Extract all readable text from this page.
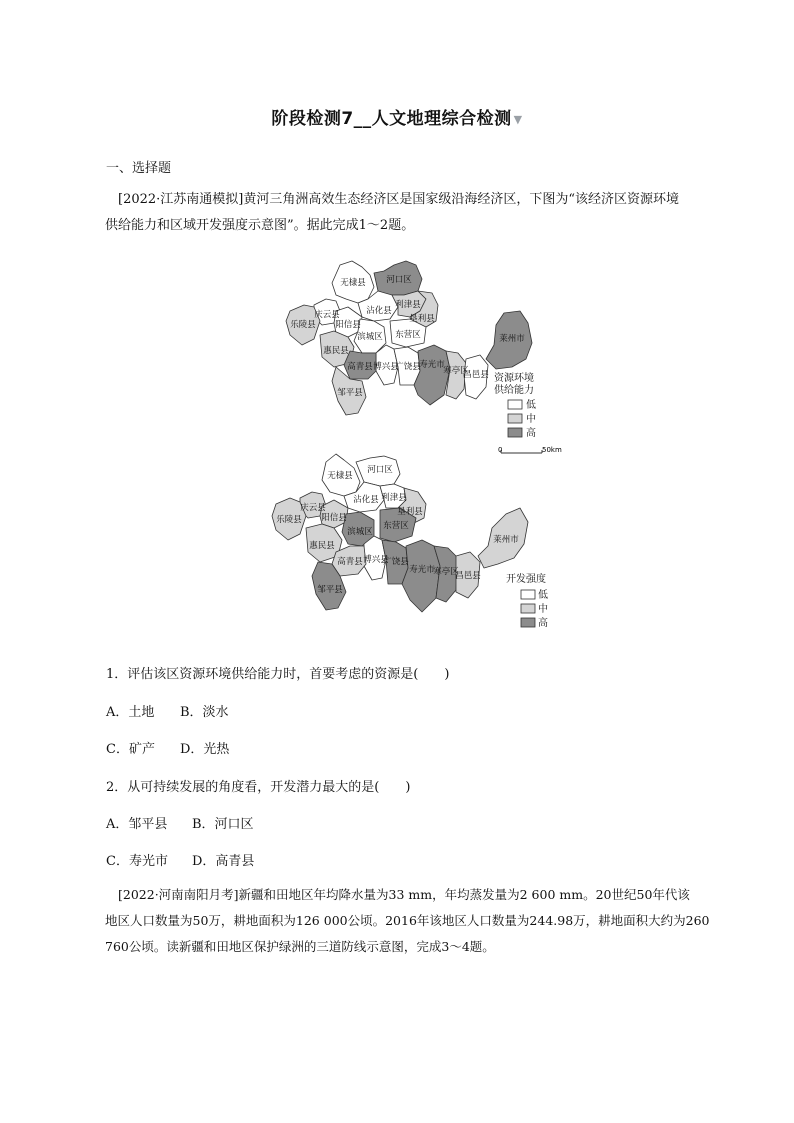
阶段检测7__人文地理综合检测 ▼
一、选择题
[2022·江苏南通模拟]黄河三角洲高效生态经济区是国家级沿海经济区，下图为“该经济区资源环境
供给能力和区域开发强度示意图”。据此完成1～2题。
无棣县 河口区
沾化县
利津县
垦利县
庆云县
乐陵县 阳信县
滨城区 东营区
惠民县
博兴县
广饶县
高青县
邹平县
寿光市
寒亭区
昌邑县
莱州市
资源环境
供给能力
低
中
高
0	50km
无棣县
河口区
沾化县 利津县
垦利县
庆云县
乐陵县 阳信县
滨城区
东营区
惠民县
博兴县
广饶县
高青县
邹平县
寿光市
寒亭区
昌邑县
莱州市
开发强度
低
中
高
1．评估该区资源环境供给能力时，首要考虑的资源是(　　)
A．土地 B．淡水
C．矿产 D．光热
2．从可持续发展的角度看，开发潜力最大的是(　　)
A．邹平县 B．河口区
C．寿光市 D．高青县
[2022·河南南阳月考]新疆和田地区年均降水量为33 mm，年均蒸发量为2 600 mm。20世纪50年代该
地区人口数量为50万，耕地面积为126 000公顷。2016年该地区人口数量为244.98万，耕地面积大约为260
760公顷。读新疆和田地区保护绿洲的三道防线示意图，完成3～4题。
